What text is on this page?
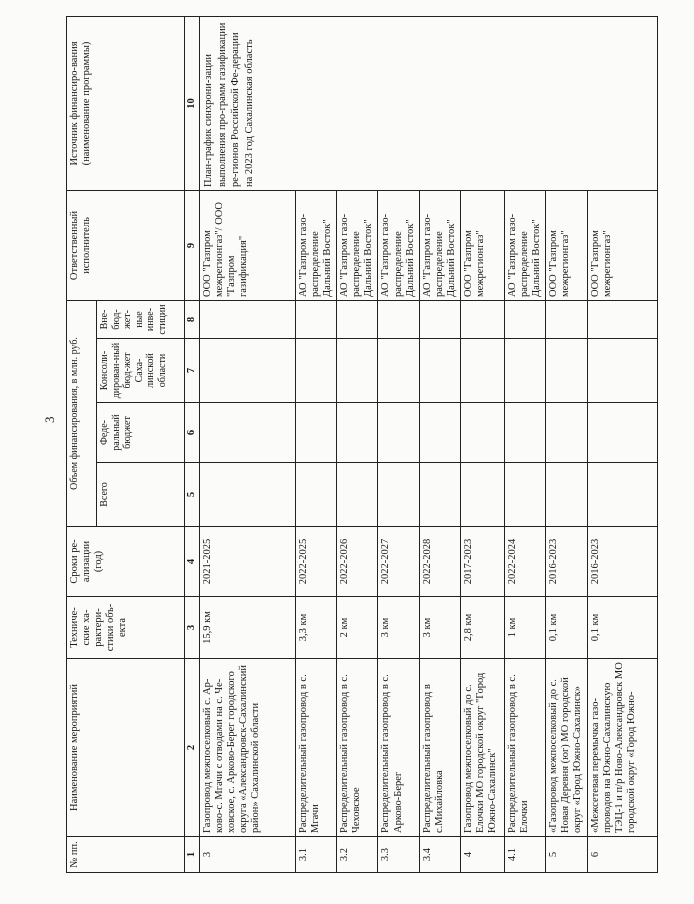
3
№ пп.	Наименование мероприятий	Техниче-ские ха-рактери-стики объ-екта	Сроки ре-ализации (год)	Объем финансирования, в млн. руб.				Ответственный исполнитель	Источник финансиро-вания (наименование программы)
				Всего	Феде-ральный бюджет	Консоли-дирован-ный бюд-жет Саха-линской области	Вне-бюд-жет-ные инве-стиции		
1	2	3	4	5	6	7	8	9	10
3	Газопровод межпоселковый с. Ар-ково-с. Мгачи с отводами на с. Че-ховское, с. Арково-Берег городского округа «Александровск-Сахалинский район» Сахалинской области	15,9 км	2021-2025					ООО "Газпром межрегионгаз"/ ООО "Газпром газификация"	План-график синхрони-зации выполнения про-грамм газификации ре-гионов Российской Фе-дерации на 2023 год Сахалинская область
3.1	Распределительный газопровод в с. Мгачи	3,3 км	2022-2025					АО "Газпром газо-распределение Дальний Восток"	
3.2	Распределительный газопровод в с. Чеховское	2 км	2022-2026					АО "Газпром газо-распределение Дальний Восток"	
3.3	Распределительный газопровод в с. Арково-Берег	3 км	2022-2027					АО "Газпром газо-распределение Дальний Восток"	
3.4	Распределительный газопровод в с.Михайловка	3 км	2022-2028					АО "Газпром газо-распределение Дальний Восток"	
4	Газопровод межпоселковый до с. Елочки МО городской округ "Город Южно-Сахалинск"	2,8 км	2017-2023					ООО "Газпром межрегионгаз"	
4.1	Распределительный газопровод в с. Елочки	1 км	2022-2024					АО "Газпром газо-распределение Дальний Восток"	
5	«Газопровод межпоселковый до с. Новая Деревня (юг) МО городской округ «Город Южно-Сахалинск»	0,1 км	2016-2023					ООО "Газпром межрегионгаз"	
6	«Межсетевая перемычка газо-проводов на Южно-Сахалинскую ТЭЦ-1 и п/р Ново-Александровск МО городской округ «Город Южно-	0,1 км	2016-2023					ООО "Газпром межрегионгаз"	
